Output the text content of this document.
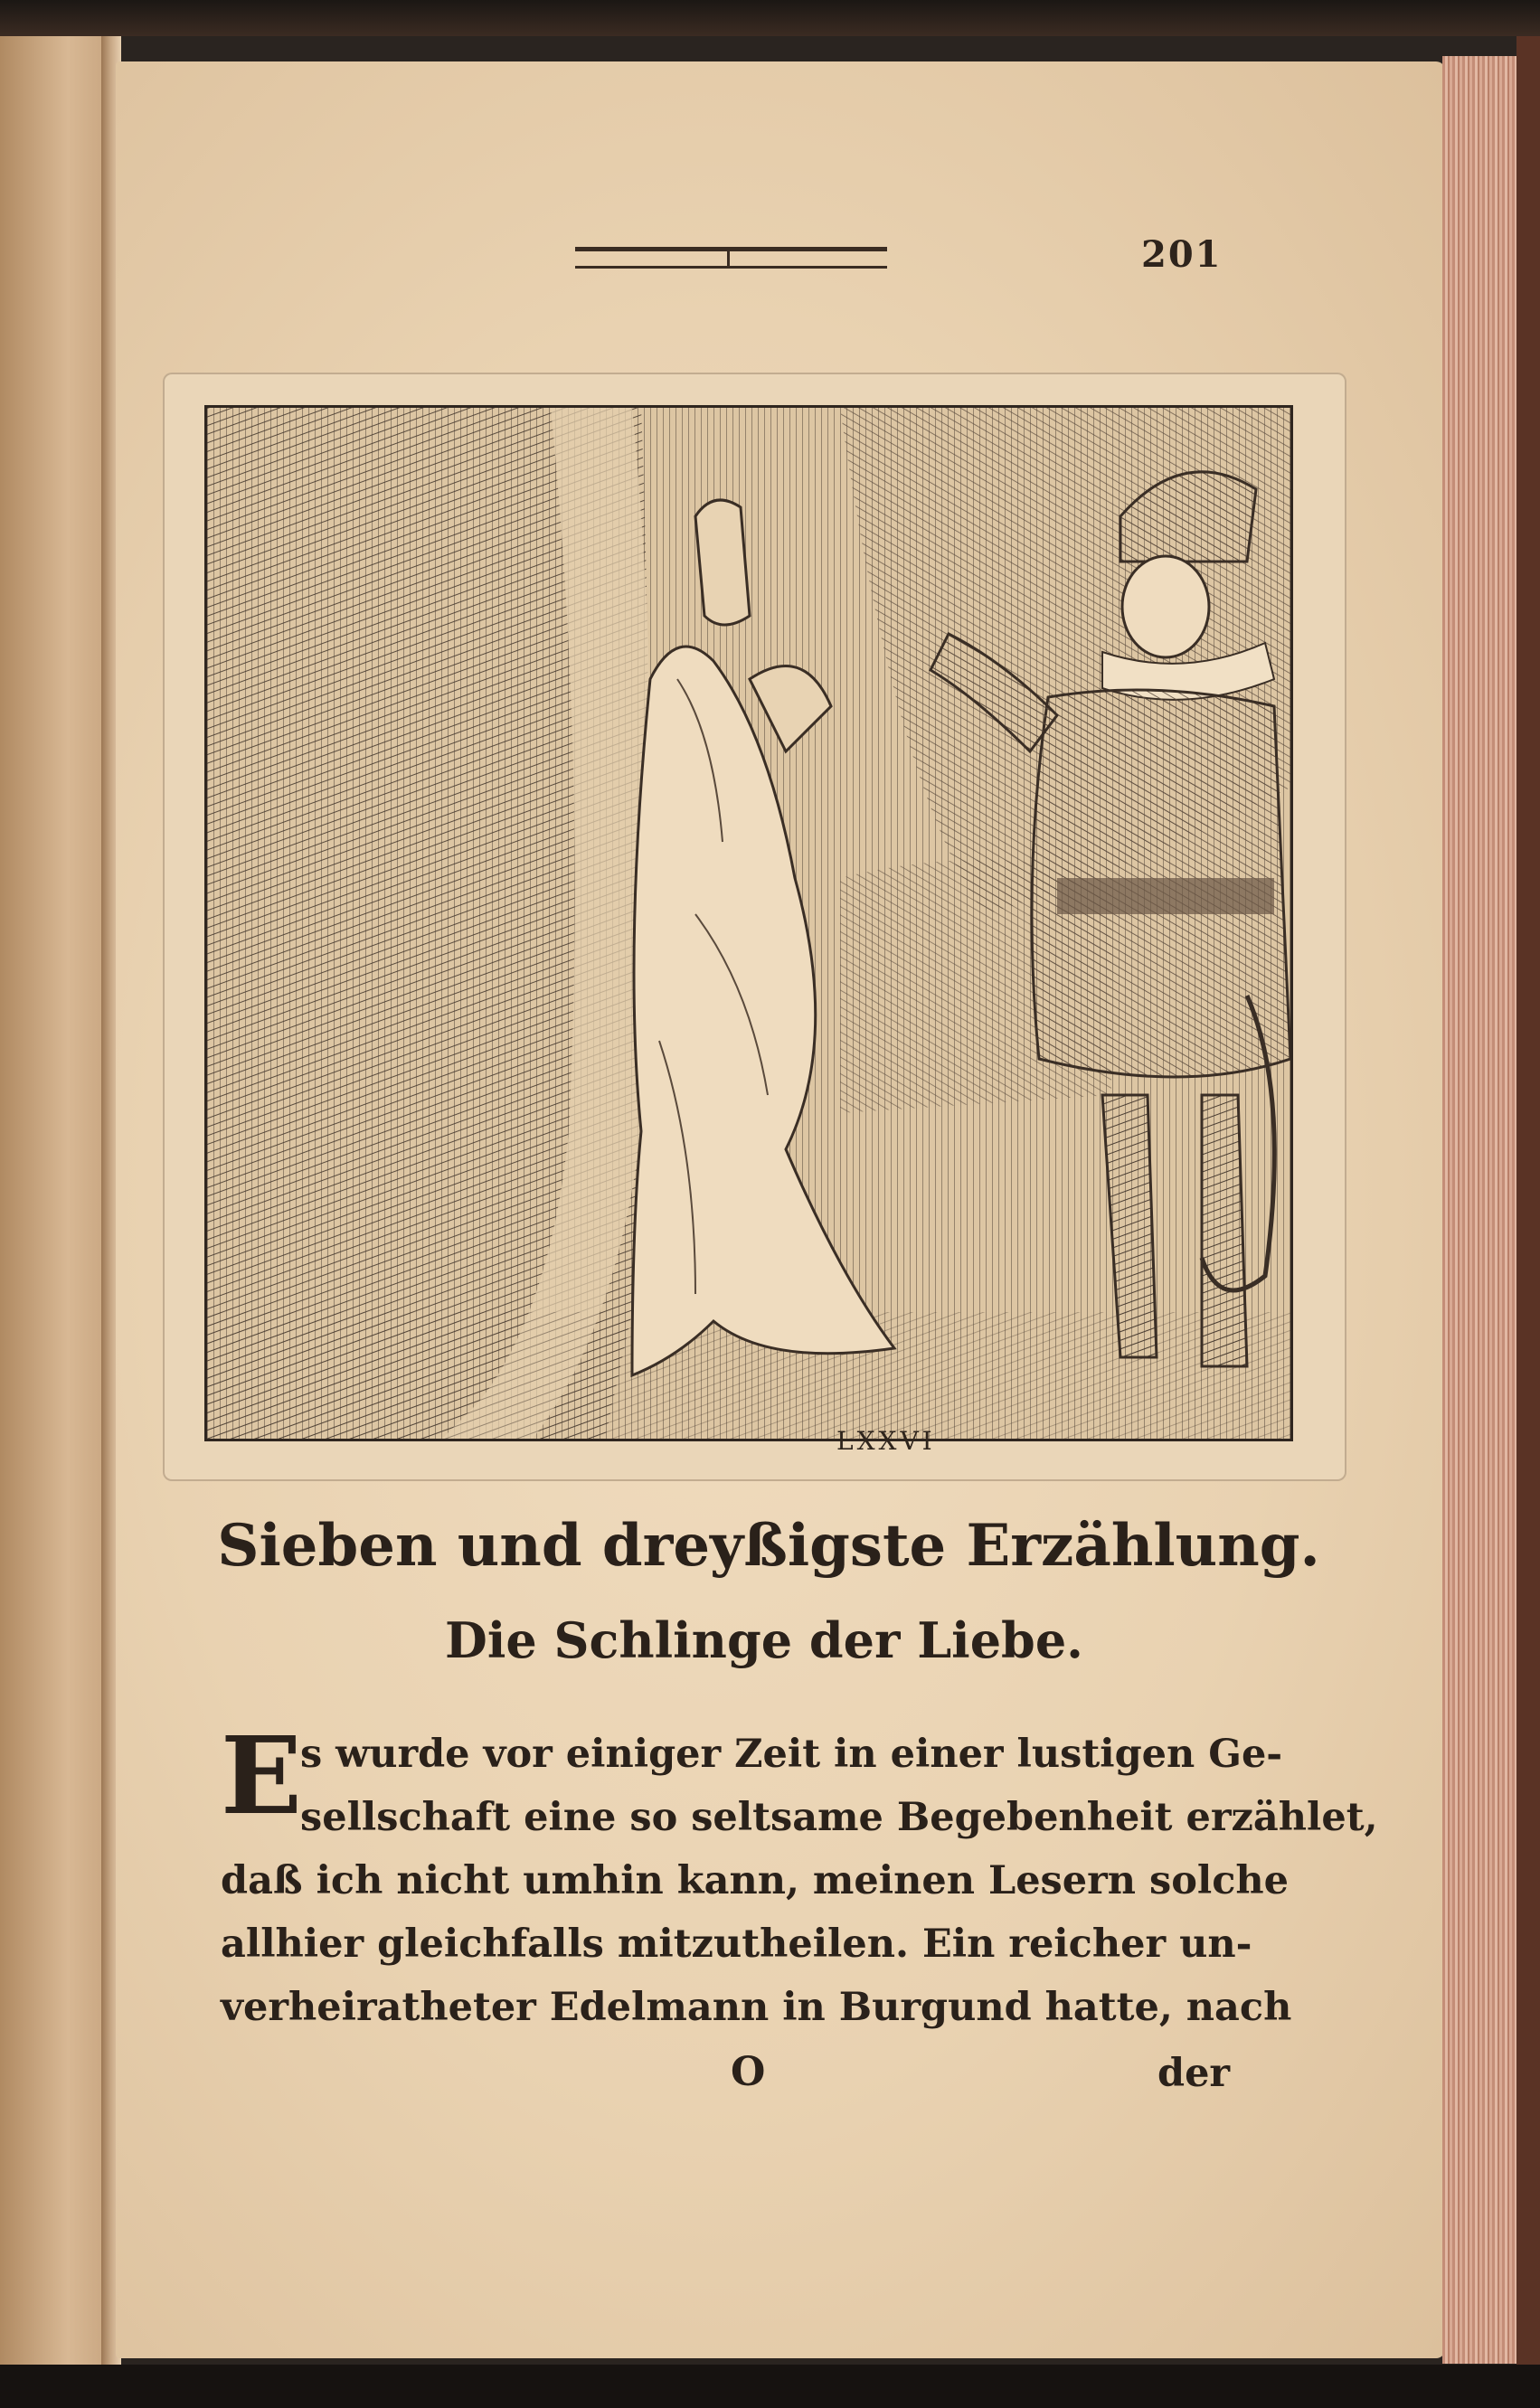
201
LXXVI
Sieben und dreyßigste Erzählung.
Die Schlinge der Liebe.
E
s wurde vor einiger Zeit in einer lustigen Ge-
sellschaft eine so seltsame Begebenheit erzählet,
daß ich nicht umhin kann, meinen Lesern solche
allhier gleichfalls mitzutheilen. Ein reicher un-
verheiratheter Edelmann in Burgund hatte, nach
O	der
